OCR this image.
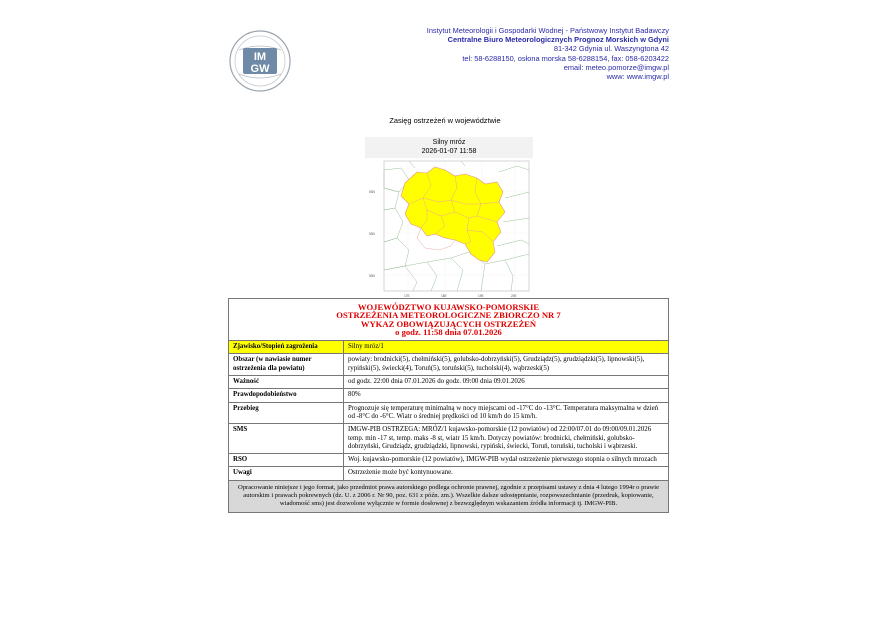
IM
GW
Instytut Meteorologii i Gospodarki Wodnej - Państwowy Instytut Badawczy
Centralne Biuro Meteorologicznych Prognoz Morskich w Gdyni
81-342 Gdynia ul. Waszyngtona 42
tel: 58-6288150, osłona morska 58-6288154, fax: 058-6203422
email: meteo.pomorze@imgw.pl
www: www.imgw.pl
Zasięg ostrzeżeń w województwie
Silny mróz
2026-01-07 11:58
53N
53N
53N
17E	18E	19E	20E
WOJEWÓDZTWO KUJAWSKO-POMORSKIE
OSTRZEŻENIA METEOROLOGICZNE ZBIORCZO NR 7
WYKAZ OBOWIĄZUJĄCYCH OSTRZEŻEŃ
o godz. 11:58 dnia 07.01.2026	

Zjawisko/Stopień zagrożenia	Silny mróz/1
Obszar (w nawiasie numer ostrzeżenia dla powiatu)	powiaty: brodnicki(5), chełmiński(5), golubsko-dobrzyński(5), Grudziądz(5), grudziądzki(5), lipnowski(5), rypiński(5), świecki(4), Toruń(5), toruński(5), tucholski(4), wąbrzeski(5)
Ważność	od godz. 22:00 dnia 07.01.2026 do godz. 09:00 dnia 09.01.2026
Prawdopodobieństwo	80%
Przebieg	Prognozuje się temperaturę minimalną w nocy miejscami od -17°C do -13°C. Temperatura maksymalna w dzień od -8°C do -6°C. Wiatr o średniej prędkości od 10 km/h do 15 km/h.
SMS	IMGW-PIB OSTRZEGA: MRÓZ/1 kujawsko-pomorskie (12 powiatów) od 22:00/07.01 do 09:00/09.01.2026 temp. min -17 st, temp. maks -8 st, wiatr 15 km/h. Dotyczy powiatów: brodnicki, chełmiński, golubsko-dobrzyński, Grudziądz, grudziądzki, lipnowski, rypiński, świecki, Toruń, toruński, tucholski i wąbrzeski.
RSO	Woj. kujawsko-pomorskie (12 powiatów), IMGW-PIB wydał ostrzeżenie pierwszego stopnia o silnych mrozach
Uwagi	Ostrzeżenie może być kontynuowane.
Opracowanie niniejsze i jego format, jako przedmiot prawa autorskiego podlega ochronie prawnej, zgodnie z przepisami ustawy z dnia 4 lutego 1994r o prawie autorskim i prawach pokrewnych (dz. U. z 2006 r. Nr 90, poz. 631 z późn. zm.). Wszelkie dalsze udostępnianie, rozpowszechnianie (przedruk, kopiowanie, wiadomość sms) jest dozwolone wyłącznie w formie dosłownej z bezwzględnym wskazaniem źródła informacji tj. IMGW-PIB.	
